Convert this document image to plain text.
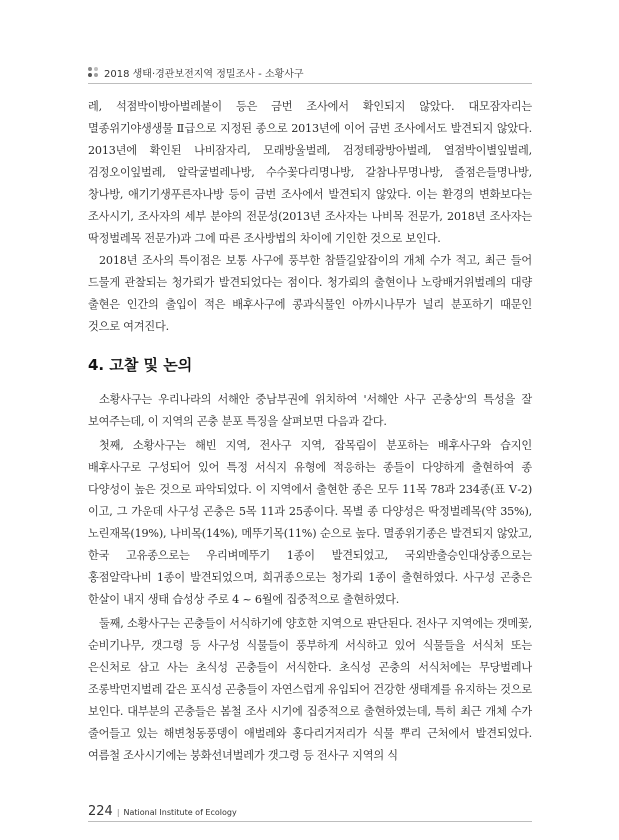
2018 생태·경관보전지역 정밀조사 - 소황사구

레, 석점박이방아벌레붙이 등은 금번 조사에서 확인되지 않았다. 대모잠자리는 멸종위기야생생물 Ⅱ급으로 지정된 종으로 2013년에 이어 금번 조사에서도 발견되지 않았다. 2013년에 확인된 나비잠자리, 모래방울벌레, 검정테광방아벌레, 열점박이별잎벌레, 검정오이잎벌레, 알락굴벌레나방, 수수꽃다리명나방, 갈참나무명나방, 줄점은들명나방, 창나방, 애기기생푸른자나방 등이 금번 조사에서 발견되지 않았다. 이는 환경의 변화보다는 조사시기, 조사자의 세부 분야의 전문성(2013년 조사자는 나비목 전문가, 2018년 조사자는 딱정벌레목 전문가)과 그에 따른 조사방법의 차이에 기인한 것으로 보인다.

2018년 조사의 특이점은 보통 사구에 풍부한 참뜰길앞잡이의 개체 수가 적고, 최근 들어 드물게 관찰되는 청가뢰가 발견되었다는 점이다. 청가뢰의 출현이나 노랑배거위벌레의 대량 출현은 인간의 출입이 적은 배후사구에 콩과식물인 아까시나무가 널리 분포하기 때문인 것으로 여겨진다.

4. 고찰 및 논의

소황사구는 우리나라의 서해안 중남부권에 위치하여 '서해안 사구 곤충상'의 특성을 잘 보여주는데, 이 지역의 곤충 분포 특징을 살펴보면 다음과 같다.

첫째, 소황사구는 해빈 지역, 전사구 지역, 잡목림이 분포하는 배후사구와 습지인 배후사구로 구성되어 있어 특정 서식지 유형에 적응하는 종들이 다양하게 출현하여 종 다양성이 높은 것으로 파악되었다. 이 지역에서 출현한 종은 모두 11목 78과 234종(표 Ⅴ-2)이고, 그 가운데 사구성 곤충은 5목 11과 25종이다. 목별 종 다양성은 딱정벌레목(약 35%), 노린재목(19%), 나비목(14%), 메뚜기목(11%) 순으로 높다. 멸종위기종은 발견되지 않았고, 한국 고유종으로는 우리벼메뚜기 1종이 발견되었고, 국외반출승인대상종으로는 홍점알락나비 1종이 발견되었으며, 희귀종으로는 청가뢰 1종이 출현하였다. 사구성 곤충은 한살이 내지 생태 습성상 주로 4 ~ 6월에 집중적으로 출현하였다.

둘째, 소황사구는 곤충들이 서식하기에 양호한 지역으로 판단된다. 전사구 지역에는 갯메꽃, 순비기나무, 갯그령 등 사구성 식물들이 풍부하게 서식하고 있어 식물들을 서식처 또는 은신처로 삼고 사는 초식성 곤충들이 서식한다. 초식성 곤충의 서식처에는 무당벌레나 조롱박먼지벌레 같은 포식성 곤충들이 자연스럽게 유입되어 건강한 생태계를 유지하는 것으로 보인다. 대부분의 곤충들은 봄철 조사 시기에 집중적으로 출현하였는데, 특히 최근 개체 수가 줄어들고 있는 해변청동풍뎅이 애벌레와 홍다리거저리가 식물 뿌리 근처에서 발견되었다. 여름철 조사시기에는 붕화선녀벌레가 갯그령 등 전사구 지역의 식

224 | National Institute of Ecology
